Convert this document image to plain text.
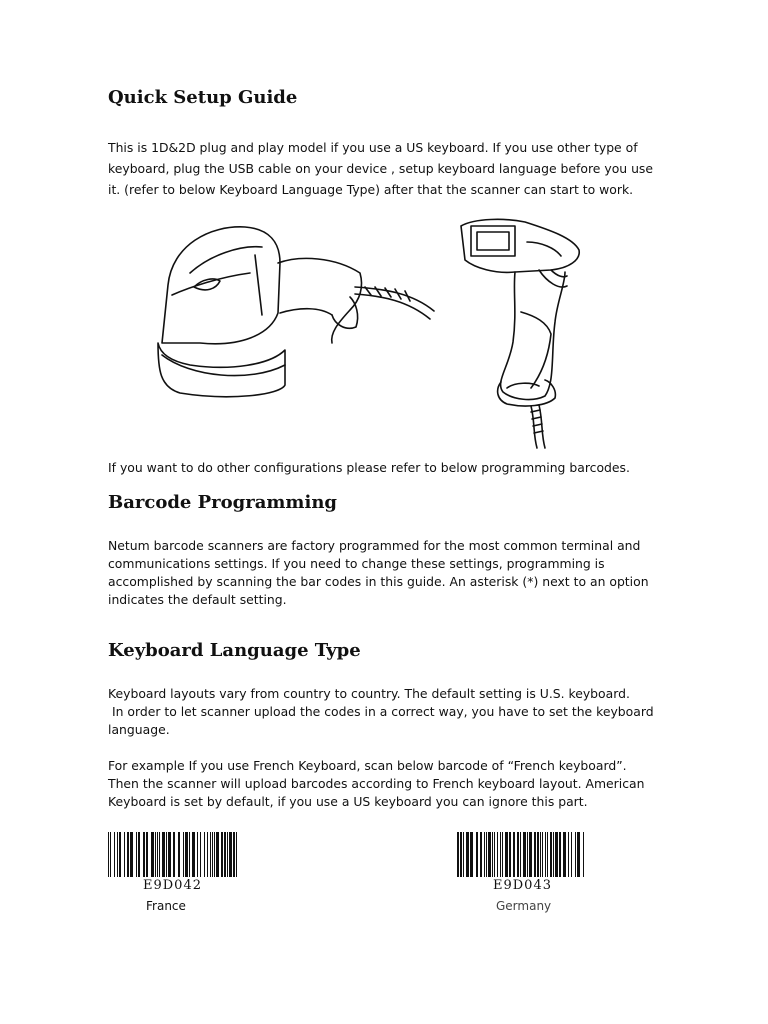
Quick Setup Guide

This is 1D&2D plug and play model if you use a US keyboard. If you use other type of
keyboard, plug the USB cable on your device , setup keyboard language before you use
it. (refer to below Keyboard Language Type) after that the scanner can start to work.

If you want to do other configurations please refer to below programming barcodes.

Barcode Programming

Netum barcode scanners are factory programmed for the most common terminal and
communications settings. If you need to change these settings, programming is
accomplished by scanning the bar codes in this guide. An asterisk (*) next to an option
indicates the default setting.

Keyboard Language Type

Keyboard layouts vary from country to country. The default setting is U.S. keyboard.
In order to let scanner upload the codes in a correct way, you have to set the keyboard
language.

For example If you use French Keyboard, scan below barcode of “French keyboard”.
Then the scanner will upload barcodes according to French keyboard layout. American
Keyboard is set by default, if you use a US keyboard you can ignore this part.

E9D042
France
E9D043
Germany
